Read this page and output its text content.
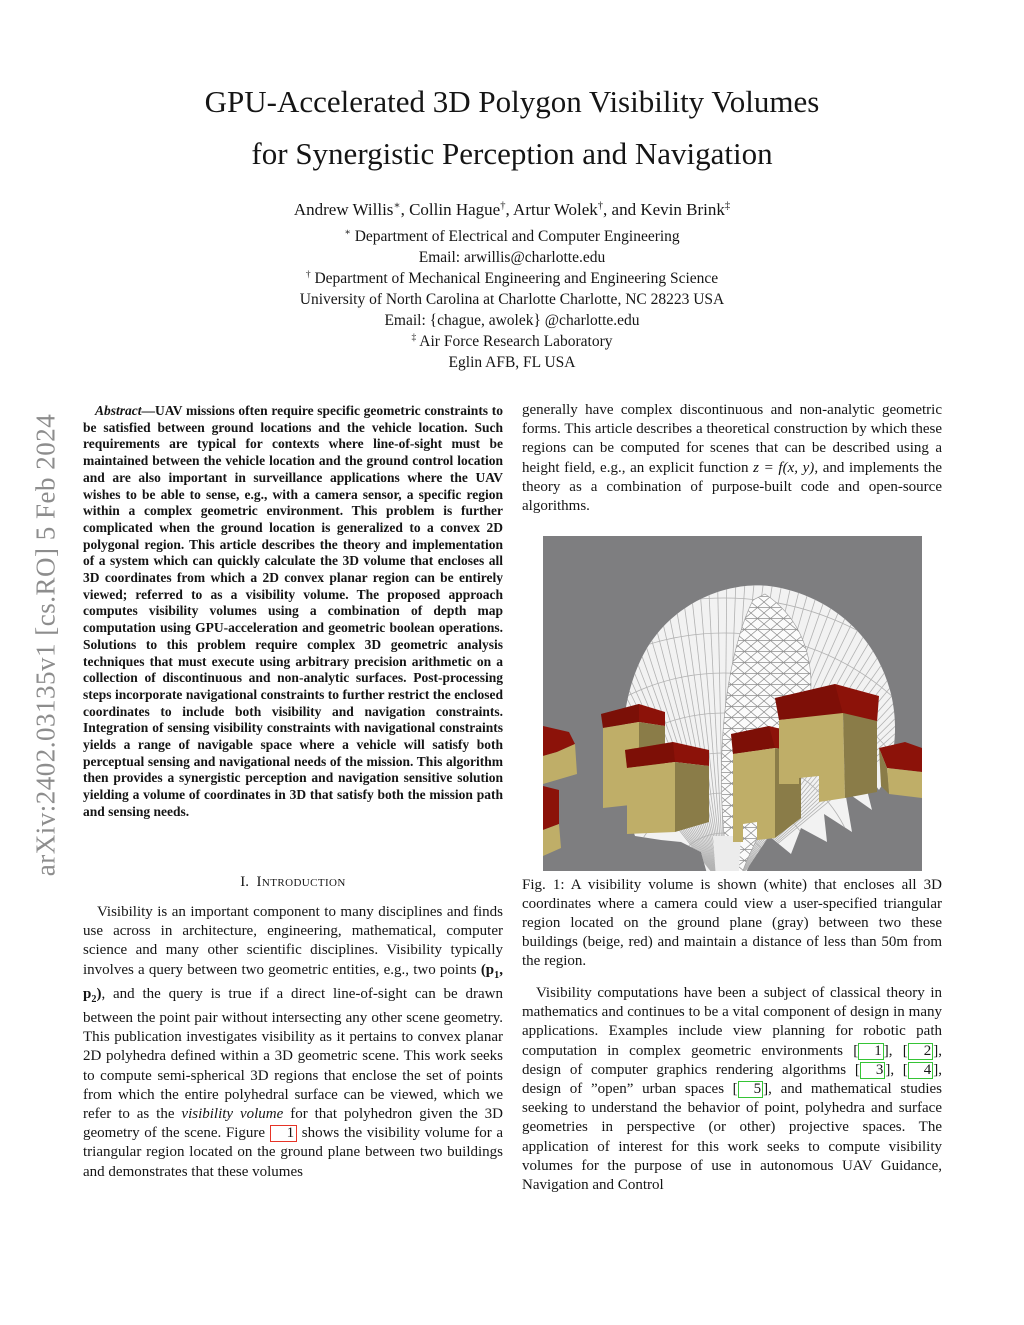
arXiv:2402.03135v1 [cs.RO] 5 Feb 2024
GPU-Accelerated 3D Polygon Visibility Volumes
for Synergistic Perception and Navigation
Andrew Willis∗, Collin Hague†, Artur Wolek†, and Kevin Brink‡
∗ Department of Electrical and Computer Engineering
Email: arwillis@charlotte.edu
† Department of Mechanical Engineering and Engineering Science
University of North Carolina at Charlotte Charlotte, NC 28223 USA
Email: {chague, awolek} @charlotte.edu
‡ Air Force Research Laboratory
Eglin AFB, FL USA

Abstract—UAV missions often require specific geometric constraints to be satisfied between ground locations and the vehicle location. Such requirements are typical for contexts where line-of-sight must be maintained between the vehicle location and the ground control location and are also important in surveillance applications where the UAV wishes to be able to sense, e.g., with a camera sensor, a specific region within a complex geometric environment. This problem is further complicated when the ground location is generalized to a convex 2D polygonal region. This article describes the theory and implementation of a system which can quickly calculate the 3D volume that encloses all 3D coordinates from which a 2D convex planar region can be entirely viewed; referred to as a visibility volume. The proposed approach computes visibility volumes using a combination of depth map computation using GPU-acceleration and geometric boolean operations. Solutions to this problem require complex 3D geometric analysis techniques that must execute using arbitrary precision arithmetic on a collection of discontinuous and non-analytic surfaces. Post-processing steps incorporate navigational constraints to further restrict the enclosed coordinates to include both visibility and navigation constraints. Integration of sensing visibility constraints with navigational constraints yields a range of navigable space where a vehicle will satisfy both perceptual sensing and navigational needs of the mission. This algorithm then provides a synergistic perception and navigation sensitive solution yielding a volume of coordinates in 3D that satisfy both the mission path and sensing needs.

I. Introduction

Visibility is an important component to many disciplines and finds use across in architecture, engineering, mathematical, computer science and many other scientific disciplines. Visibility typically involves a query between two geometric entities, e.g., two points ($p_1$, $p_2$), and the query is true if a direct line-of-sight can be drawn between the point pair without intersecting any other scene geometry. This publication investigates visibility as it pertains to convex planar 2D polyhedra defined within a 3D geometric scene. This work seeks to compute semi-spherical 3D regions that enclose the set of points from which the entire polyhedral surface can be viewed, which we refer to as the visibility volume for that polyhedron given the 3D geometry of the scene. Figure 1 shows the visibility volume for a triangular region located on the ground plane between two buildings and demonstrates that these volumes

generally have complex discontinuous and non-analytic geometric forms. This article describes a theoretical construction by which these regions can be computed for scenes that can be described using a height field, e.g., an explicit function z = f(x, y), and implements the theory as a combination of purpose-built code and open-source algorithms.

Fig. 1: A visibility volume is shown (white) that encloses all 3D coordinates where a camera could view a user-specified triangular region located on the ground plane (gray) between two these buildings (beige, red) and maintain a distance of less than 50m from the region.

Visibility computations have been a subject of classical theory in mathematics and continues to be a vital component of design in many applications. Examples include view planning for robotic path computation in complex geometric environments [ 1 ], [ 2 ], design of computer graphics rendering algorithms [ 3 ], [ 4 ], design of ”open” urban spaces [ 5 ], and mathematical studies seeking to understand the behavior of point, polyhedra and surface geometries in perspective (or other) projective spaces. The application of interest for this work seeks to compute visibility volumes for the purpose of use in autonomous UAV Guidance, Navigation and Control
